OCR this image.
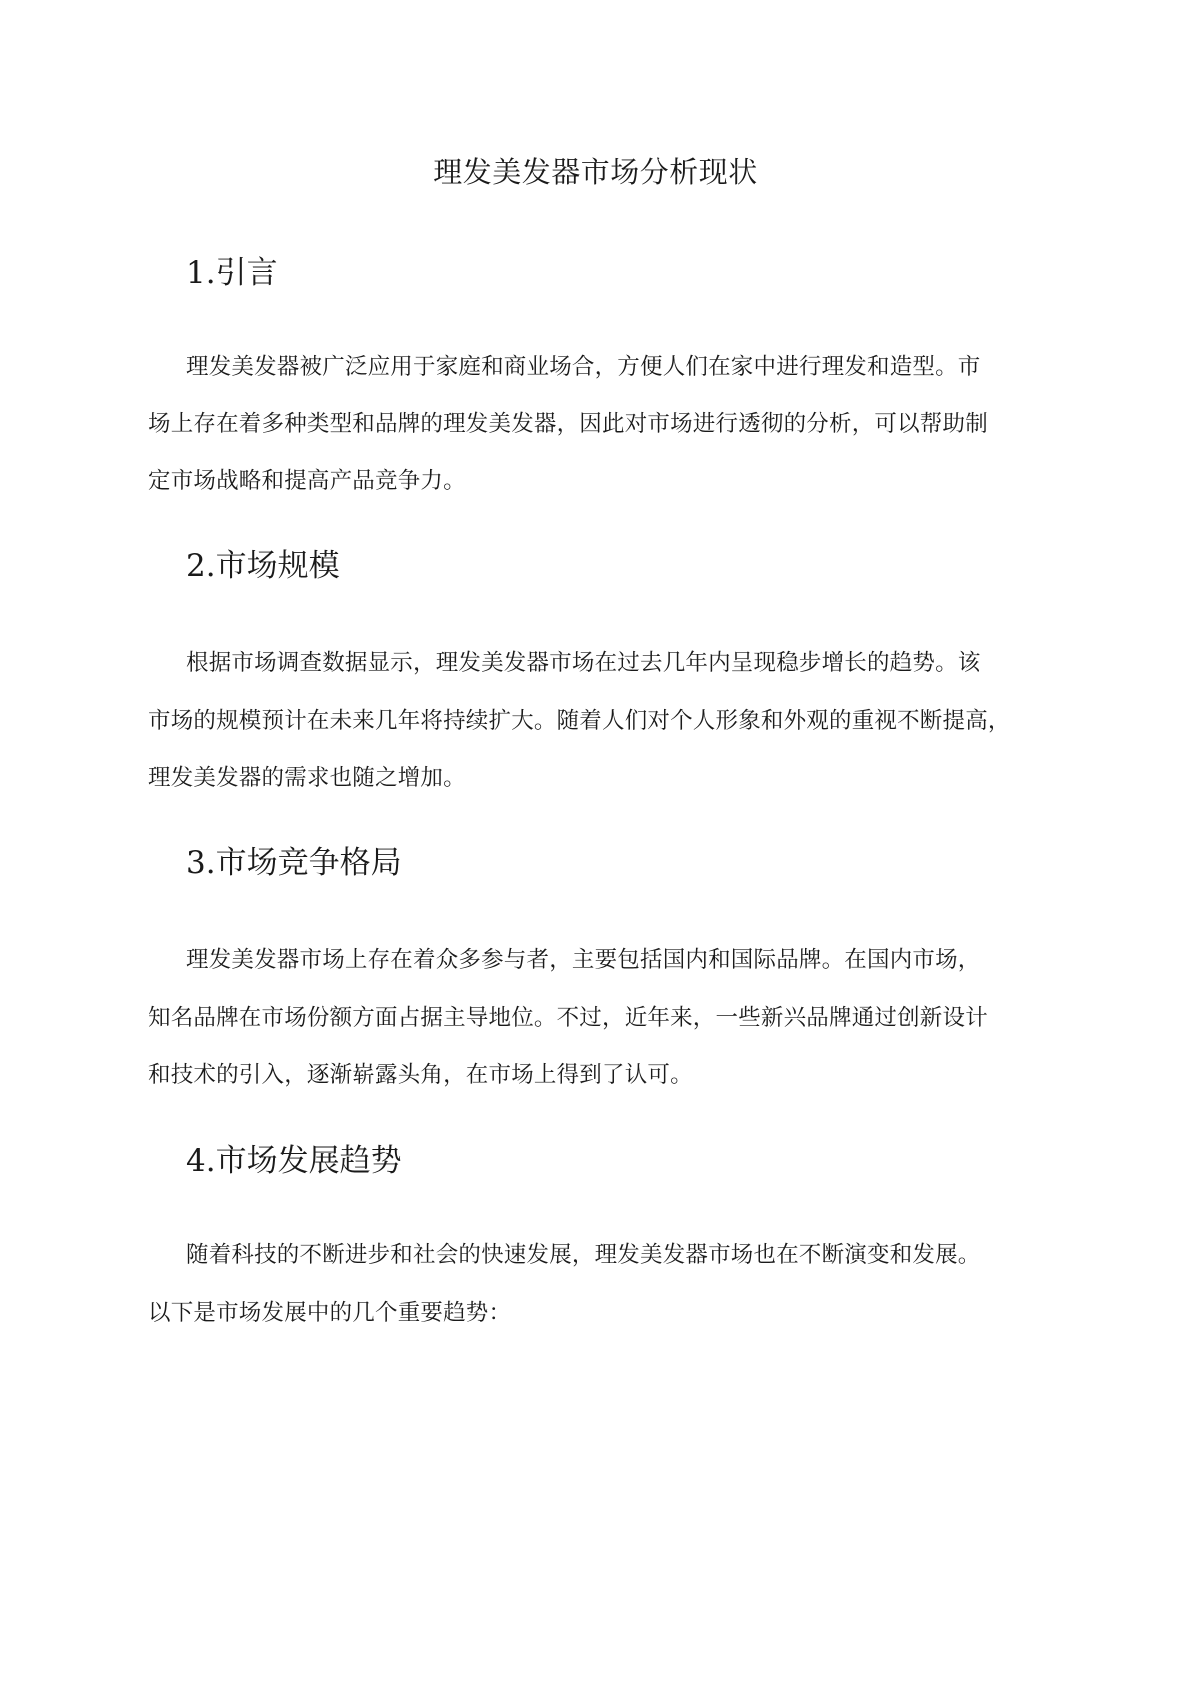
理发美发器市场分析现状
1.引言

理发美发器被广泛应用于家庭和商业场合，方便人们在家中进行理发和造型。市

场上存在着多种类型和品牌的理发美发器，因此对市场进行透彻的分析，可以帮助制

定市场战略和提高产品竞争力。

2.市场规模

根据市场调查数据显示，理发美发器市场在过去几年内呈现稳步增长的趋势。该

市场的规模预计在未来几年将持续扩大。随着人们对个人形象和外观的重视不断提高，

理发美发器的需求也随之增加。

3.市场竞争格局

理发美发器市场上存在着众多参与者，主要包括国内和国际品牌。在国内市场，

知名品牌在市场份额方面占据主导地位。不过，近年来，一些新兴品牌通过创新设计

和技术的引入，逐渐崭露头角，在市场上得到了认可。

4.市场发展趋势

随着科技的不断进步和社会的快速发展，理发美发器市场也在不断演变和发展。

以下是市场发展中的几个重要趋势：
